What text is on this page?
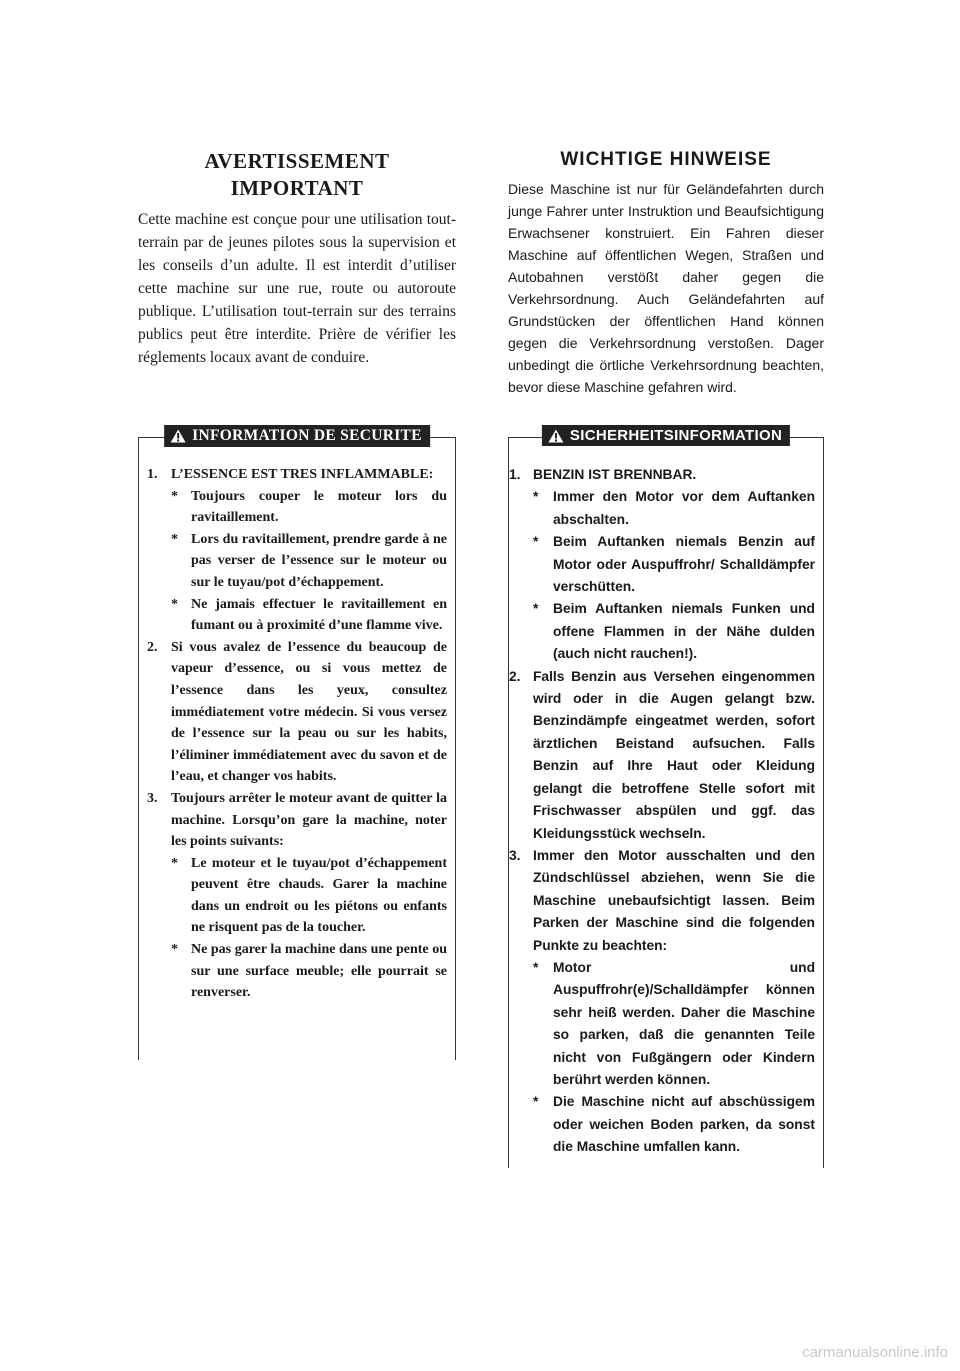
AVERTISSEMENT

IMPORTANT

Cette machine est conçue pour une utilisation tout-terrain par de jeunes pilotes sous la supervision et les conseils d’un adulte. Il est interdit d’utiliser cette machine sur une rue, route ou autoroute publique. L’utilisation tout-terrain sur des terrains publics peut être interdite. Prière de vérifier les réglements locaux avant de conduire.

WICHTIGE HINWEISE

Diese Maschine ist nur für Geländefahrten durch junge Fahrer unter Instruktion und Beaufsichtigung Erwachsener konstruiert. Ein Fahren dieser Maschine auf öffentlichen Wegen, Straßen und Autobahnen verstößt daher gegen die Verkehrsordnung. Auch Geländefahrten auf Grundstücken der öffentlichen Hand können gegen die Verkehrsordnung verstoßen. Dager unbedingt die örtliche Verkehrsordnung beachten, bevor diese Maschine gefahren wird.

INFORMATION DE SECURITE
1. L’ESSENCE EST TRES INFLAMMABLE:
* Toujours couper le moteur lors du ravitaillement.
* Lors du ravitaillement, prendre garde à ne pas verser de l’essence sur le moteur ou sur le tuyau/pot d’échappement.
* Ne jamais effectuer le ravitaillement en fumant ou à proximité d’une flamme vive.
2. Si vous avalez de l’essence du beaucoup de vapeur d’essence, ou si vous mettez de l’essence dans les yeux, consultez immédiatement votre médecin. Si vous versez de l’essence sur la peau ou sur les habits, l’éliminer immédiatement avec du savon et de l’eau, et changer vos habits.
3. Toujours arrêter le moteur avant de quitter la machine. Lorsqu’on gare la machine, noter les points suivants:
* Le moteur et le tuyau/pot d’échappement peuvent être chauds. Garer la machine dans un endroit ou les piétons ou enfants ne risquent pas de la toucher.
* Ne pas garer la machine dans une pente ou sur une surface meuble; elle pourrait se renverser.
SICHERHEITSINFORMATION
1. BENZIN IST BRENNBAR.
* Immer den Motor vor dem Auftanken abschalten.
* Beim Auftanken niemals Benzin auf Motor oder Auspuffrohr/ Schalldämpfer verschütten.
* Beim Auftanken niemals Funken und offene Flammen in der Nähe dulden (auch nicht rauchen!).
2. Falls Benzin aus Versehen eingenommen wird oder in die Augen gelangt bzw. Benzindämpfe eingeatmet werden, sofort ärztlichen Beistand aufsuchen. Falls Benzin auf Ihre Haut oder Kleidung gelangt die betroffene Stelle sofort mit Frischwasser abspülen und ggf. das Kleidungsstück wechseln.
3. Immer den Motor ausschalten und den Zündschlüssel abziehen, wenn Sie die Maschine unebaufsichtigt lassen. Beim Parken der Maschine sind die folgenden Punkte zu beachten:
* Motor und Auspuffrohr(e)/Schalldämpfer können sehr heiß werden. Daher die Maschine so parken, daß die genannten Teile nicht von Fußgängern oder Kindern berührt werden können.
* Die Maschine nicht auf abschüssigem oder weichen Boden parken, da sonst die Maschine umfallen kann.
carmanualsonline.info
